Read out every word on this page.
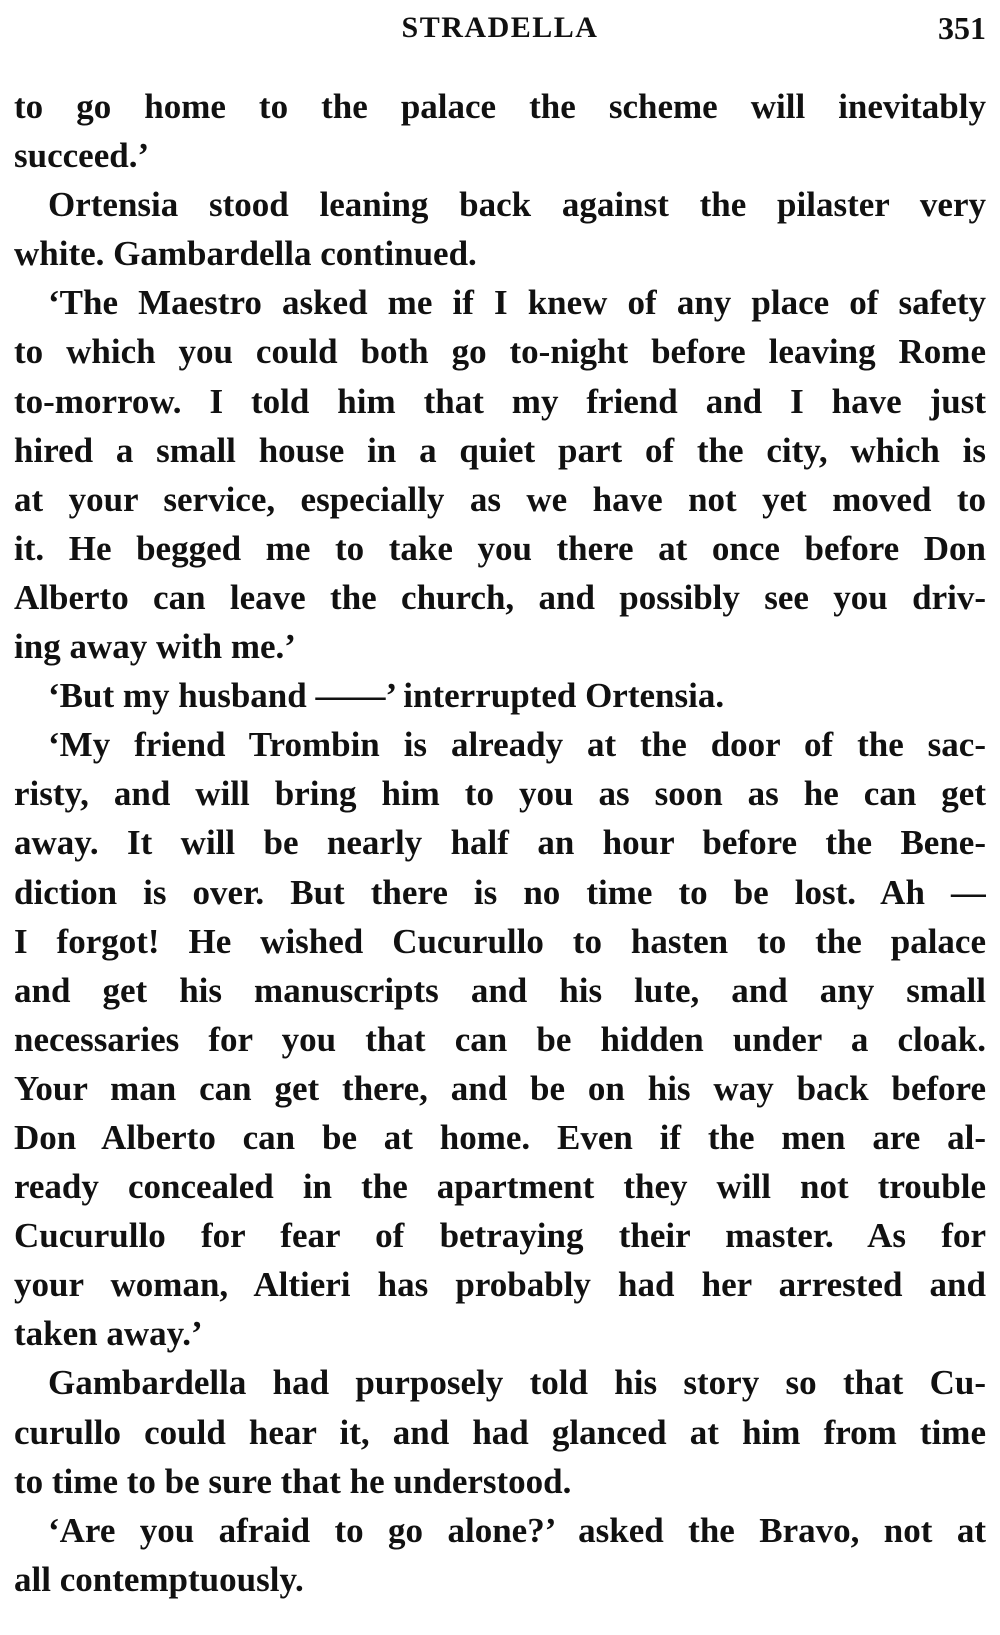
STRADELLA	351
to go home to the palace the scheme will inevitably
succeed.’
Ortensia stood leaning back against the pilaster very
white. Gambardella continued.
‘The Maestro asked me if I knew of any place of safety
to which you could both go to-night before leaving Rome
to-morrow. I told him that my friend and I have just
hired a small house in a quiet part of the city, which is
at your service, especially as we have not yet moved to
it. He begged me to take you there at once before Don
Alberto can leave the church, and possibly see you driv-
ing away with me.’
‘But my husband ——’ interrupted Ortensia.
‘My friend Trombin is already at the door of the sac-
risty, and will bring him to you as soon as he can get
away. It will be nearly half an hour before the Bene-
diction is over. But there is no time to be lost. Ah —
I forgot! He wished Cucurullo to hasten to the palace
and get his manuscripts and his lute, and any small
necessaries for you that can be hidden under a cloak.
Your man can get there, and be on his way back before
Don Alberto can be at home. Even if the men are al-
ready concealed in the apartment they will not trouble
Cucurullo for fear of betraying their master. As for
your woman, Altieri has probably had her arrested and
taken away.’
Gambardella had purposely told his story so that Cu-
curullo could hear it, and had glanced at him from time
to time to be sure that he understood.
‘Are you afraid to go alone?’ asked the Bravo, not at
all contemptuously.
